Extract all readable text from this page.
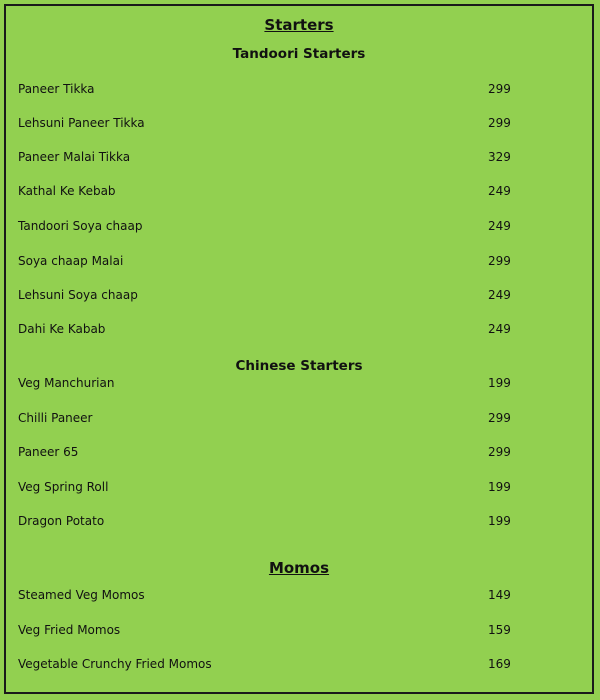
Starters
Tandoori Starters
Paneer Tikka	299
Lehsuni Paneer Tikka	299
Paneer Malai Tikka	329
Kathal Ke Kebab	249
Tandoori Soya chaap	249
Soya chaap Malai	299
Lehsuni Soya chaap	249
Dahi Ke Kabab	249
Chinese Starters
Veg Manchurian	199
Chilli Paneer	299
Paneer 65	299
Veg Spring Roll	199
Dragon Potato	199
Momos
Steamed Veg Momos	149
Veg Fried Momos	159
Vegetable Crunchy Fried Momos	169
